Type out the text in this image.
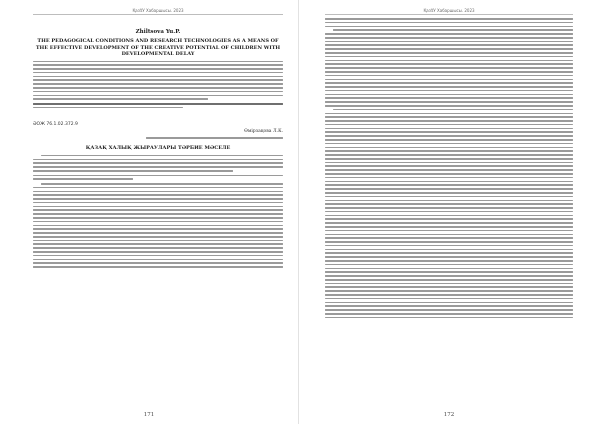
ҚазҰУ Хабаршысы. 2023
Zhiltsova Yu.P.
THE PEDAGOGICAL CONDITIONS AND RESEARCH TECHNOLOGIES AS A MEANS OF THE EFFECTIVE DEVELOPMENT OF THE CREATIVE POTENTIAL OF CHILDREN WITH DEVELOPMENTAL DELAY
ӘОЖ 76.1.02.372.9
Өмірзақова Л.К.
ҚАЗАҚ ХАЛЫҚ ЖЫРАУЛАРЫ ТӘРБИЕ МӘСЕЛЕ
171
ҚазҰУ Хабаршысы. 2023
172
